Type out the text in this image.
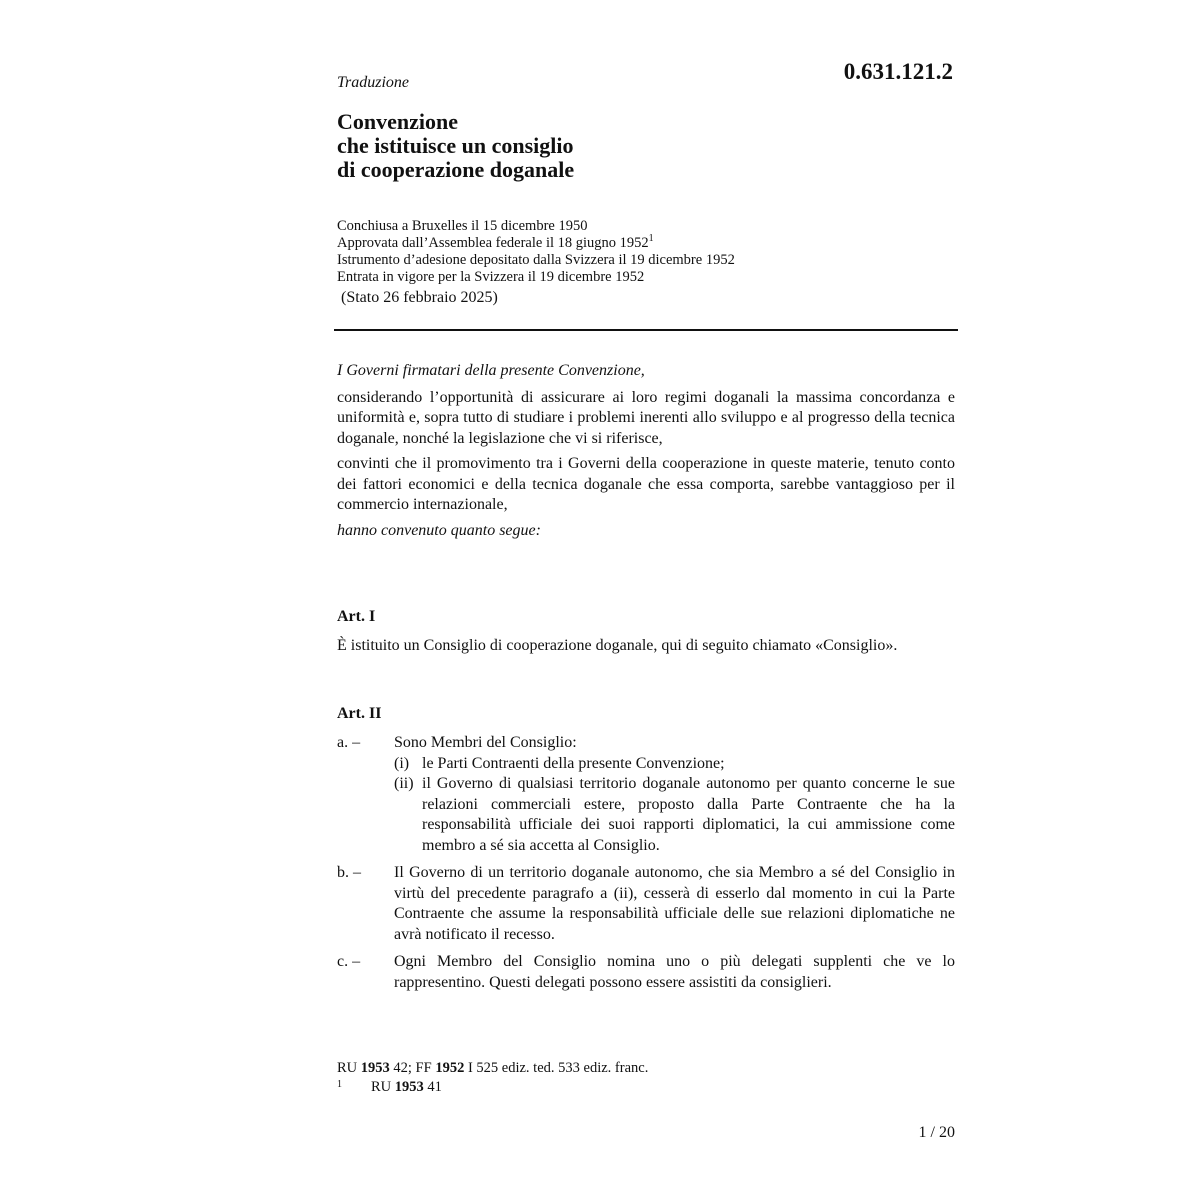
0.631.121.2
Traduzione
Convenzione
che istituisce un consiglio
di cooperazione doganale
Conchiusa a Bruxelles il 15 dicembre 1950
Approvata dall’Assemblea federale il 18 giugno 1952$^1$
Istrumento d’adesione depositato dalla Svizzera il 19 dicembre 1952
Entrata in vigore per la Svizzera il 19 dicembre 1952
(Stato 26 febbraio 2025)

I Governi firmatari della presente Convenzione,

considerando l’opportunità di assicurare ai loro regimi doganali la massima concordanza e uniformità e, sopra tutto di studiare i problemi inerenti allo sviluppo e al progresso della tecnica doganale, nonché la legislazione che vi si riferisce,

convinti che il promovimento tra i Governi della cooperazione in queste materie, tenuto conto dei fattori economici e della tecnica doganale che essa comporta, sarebbe vantaggioso per il commercio internazionale,

hanno convenuto quanto segue:

Art. I
È istituito un Consiglio di cooperazione doganale, qui di seguito chiamato «Consiglio».
Art. II
a. –	Sono Membri del Consiglio:
(i) le Parti Contraenti della presente Convenzione;
(ii) il Governo di qualsiasi territorio doganale autonomo per quanto concerne le sue relazioni commerciali estere, proposto dalla Parte Contraente che ha la responsabilità ufficiale dei suoi rapporti diplomatici, la cui ammissione come membro a sé sia accetta al Consiglio.
b. –	Il Governo di un territorio doganale autonomo, che sia Membro a sé del Consiglio in virtù del precedente paragrafo a (ii), cesserà di esserlo dal momento in cui la Parte Contraente che assume la responsabilità ufficiale delle sue relazioni diplomatiche ne avrà notificato il recesso.
c. –	Ogni Membro del Consiglio nomina uno o più delegati supplenti che ve lo rappresentino. Questi delegati possono essere assistiti da consiglieri.
RU 1953 42; FF 1952 I 525 ediz. ted. 533 ediz. franc.
1	RU 1953 41
1 / 20
